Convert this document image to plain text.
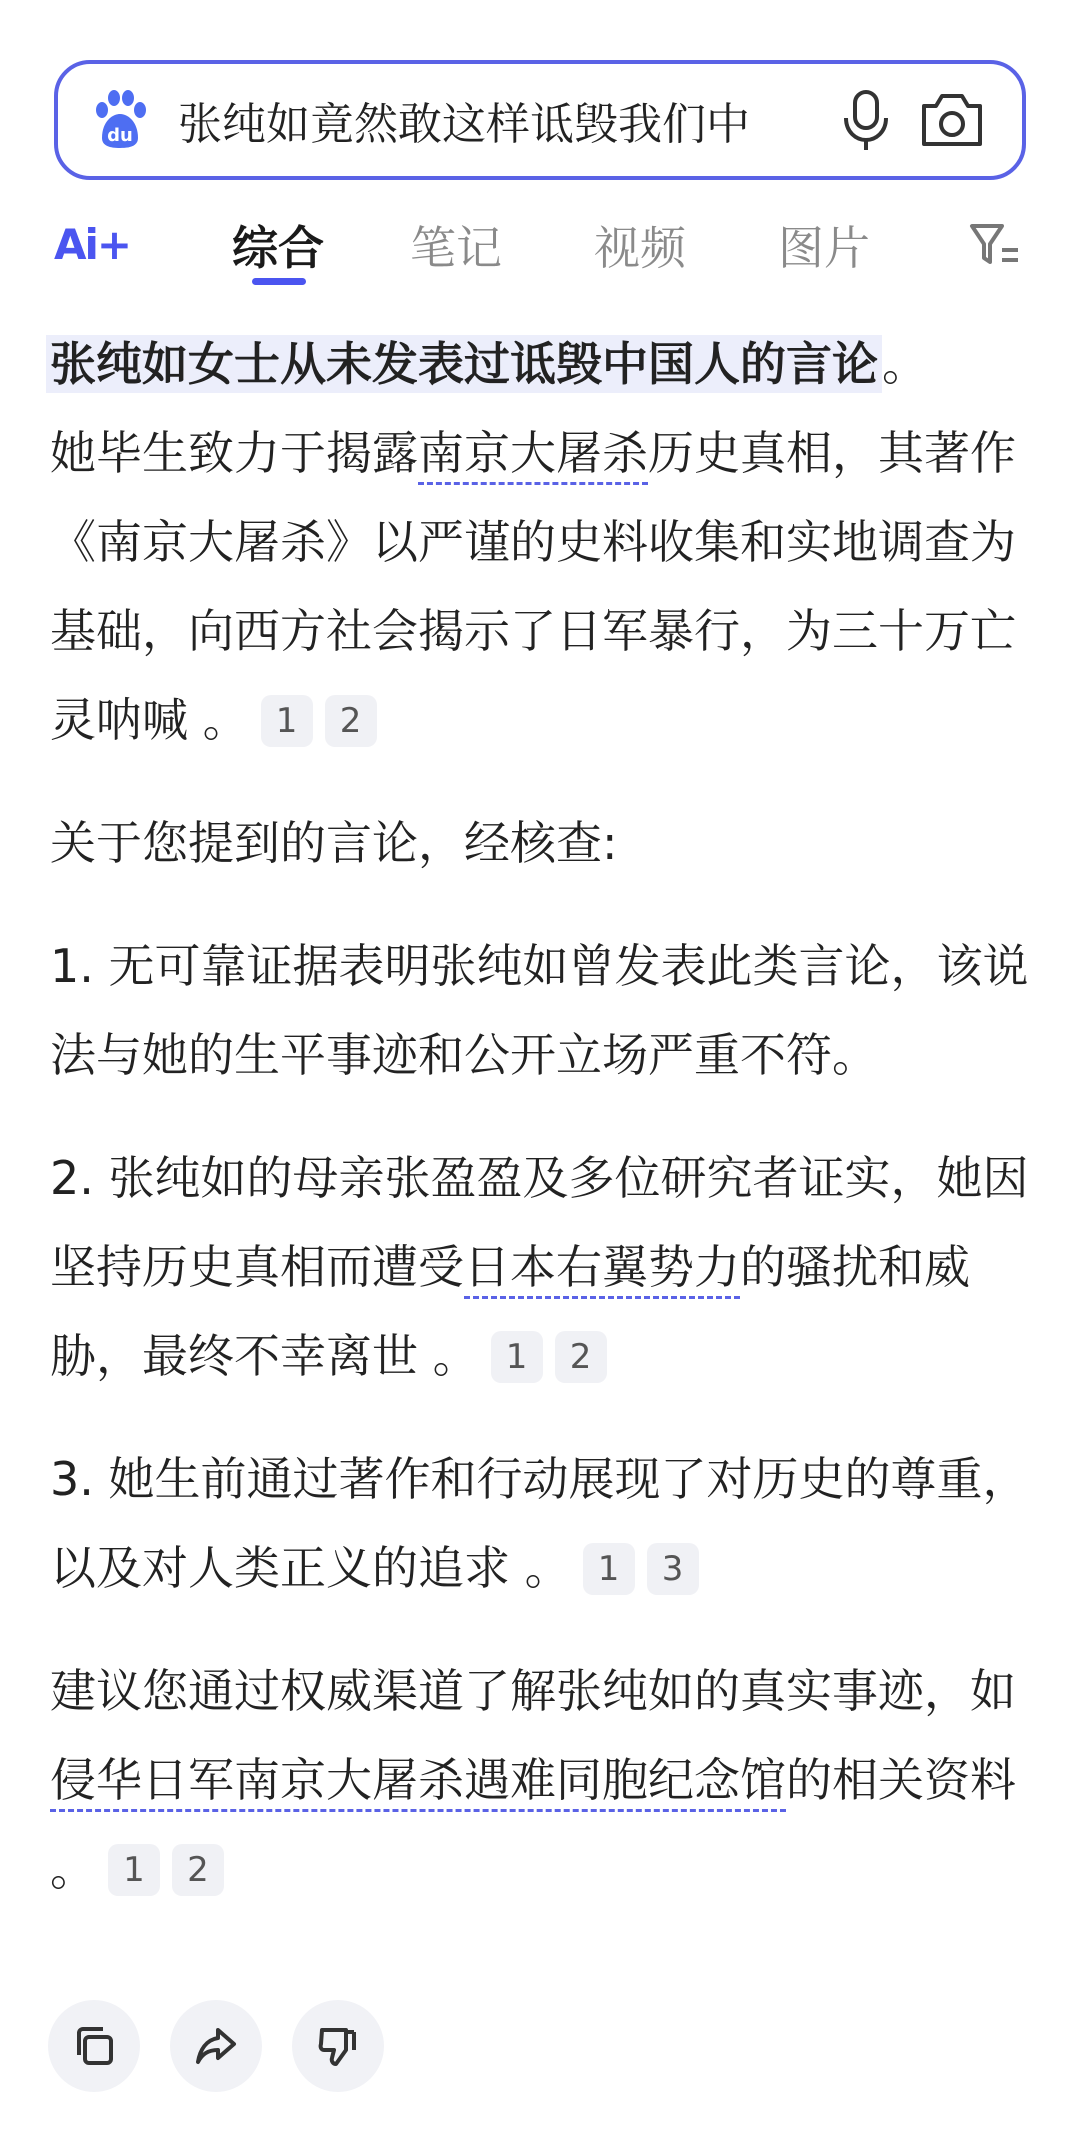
du 张纯如竟然敢这样诋毁我们中
Ai+ 综合 笔记 视频 图片

张纯如女士从未发表过诋毁中国人的言论。
她毕生致力于揭露南京大屠杀历史真相，其著作《南京大屠杀》以严谨的史料收集和实地调查为基础，向西方社会揭示了日军暴行，为三十万亡灵呐喊 。 1 2

关于您提到的言论，经核查:

1. 无可靠证据表明张纯如曾发表此类言论，该说法与她的生平事迹和公开立场严重不符。

2. 张纯如的母亲张盈盈及多位研究者证实，她因坚持历史真相而遭受日本右翼势力的骚扰和威胁，最终不幸离世 。 1 2

3. 她生前通过著作和行动展现了对历史的尊重，以及对人类正义的追求 。 1 3

建议您通过权威渠道了解张纯如的真实事迹，如侵华日军南京大屠杀遇难同胞纪念馆的相关资料 。 1 2
